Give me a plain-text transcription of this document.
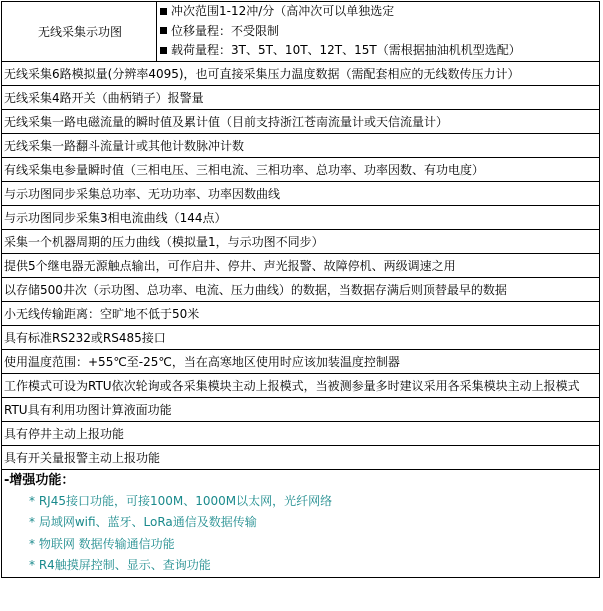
无线采集示功图	
冲次范围1-12冲/分（高冲次可以单独选定
位移量程：不受限制
载荷量程：3T、5T、10T、12T、15T（需根据抽油机机型选配）

无线采集6路模拟量(分辨率4095)，也可直接采集压力温度数据（需配套相应的无线数传压力计）
无线采集4路开关（曲柄销子）报警量
无线采集一路电磁流量的瞬时值及累计值（目前支持浙江苍南流量计或天信流量计）
无线采集一路翻斗流量计或其他计数脉冲计数
有线采集电参量瞬时值（三相电压、三相电流、三相功率、总功率、功率因数、有功电度）
与示功图同步采集总功率、无功功率、功率因数曲线
与示功图同步采集3相电流曲线（144点）
采集一个机器周期的压力曲线（模拟量1，与示功图不同步）
提供5个继电器无源触点输出，可作启井、停井、声光报警、故障停机、两级调速之用
以存储500井次（示功图、总功率、电流、压力曲线）的数据，当数据存满后则顶替最早的数据
小无线传输距离：空旷地不低于50米
具有标准RS232或RS485接口
使用温度范围：+55℃至-25℃，当在高寒地区使用时应该加装温度控制器
工作模式可设为RTU依次轮询或各采集模块主动上报模式，当被测参量多时建议采用各采集模块主动上报模式
RTU具有利用功图计算液面功能
具有停井主动上报功能
具有开关量报警主动上报功能

-增强功能：
* RJ45接口功能，可接100M、1000M以太网，光纤网络
* 局域网wifi、蓝牙、LoRa通信及数据传输
* 物联网 数据传输通信功能
* R4触摸屏控制、显示、查询功能
